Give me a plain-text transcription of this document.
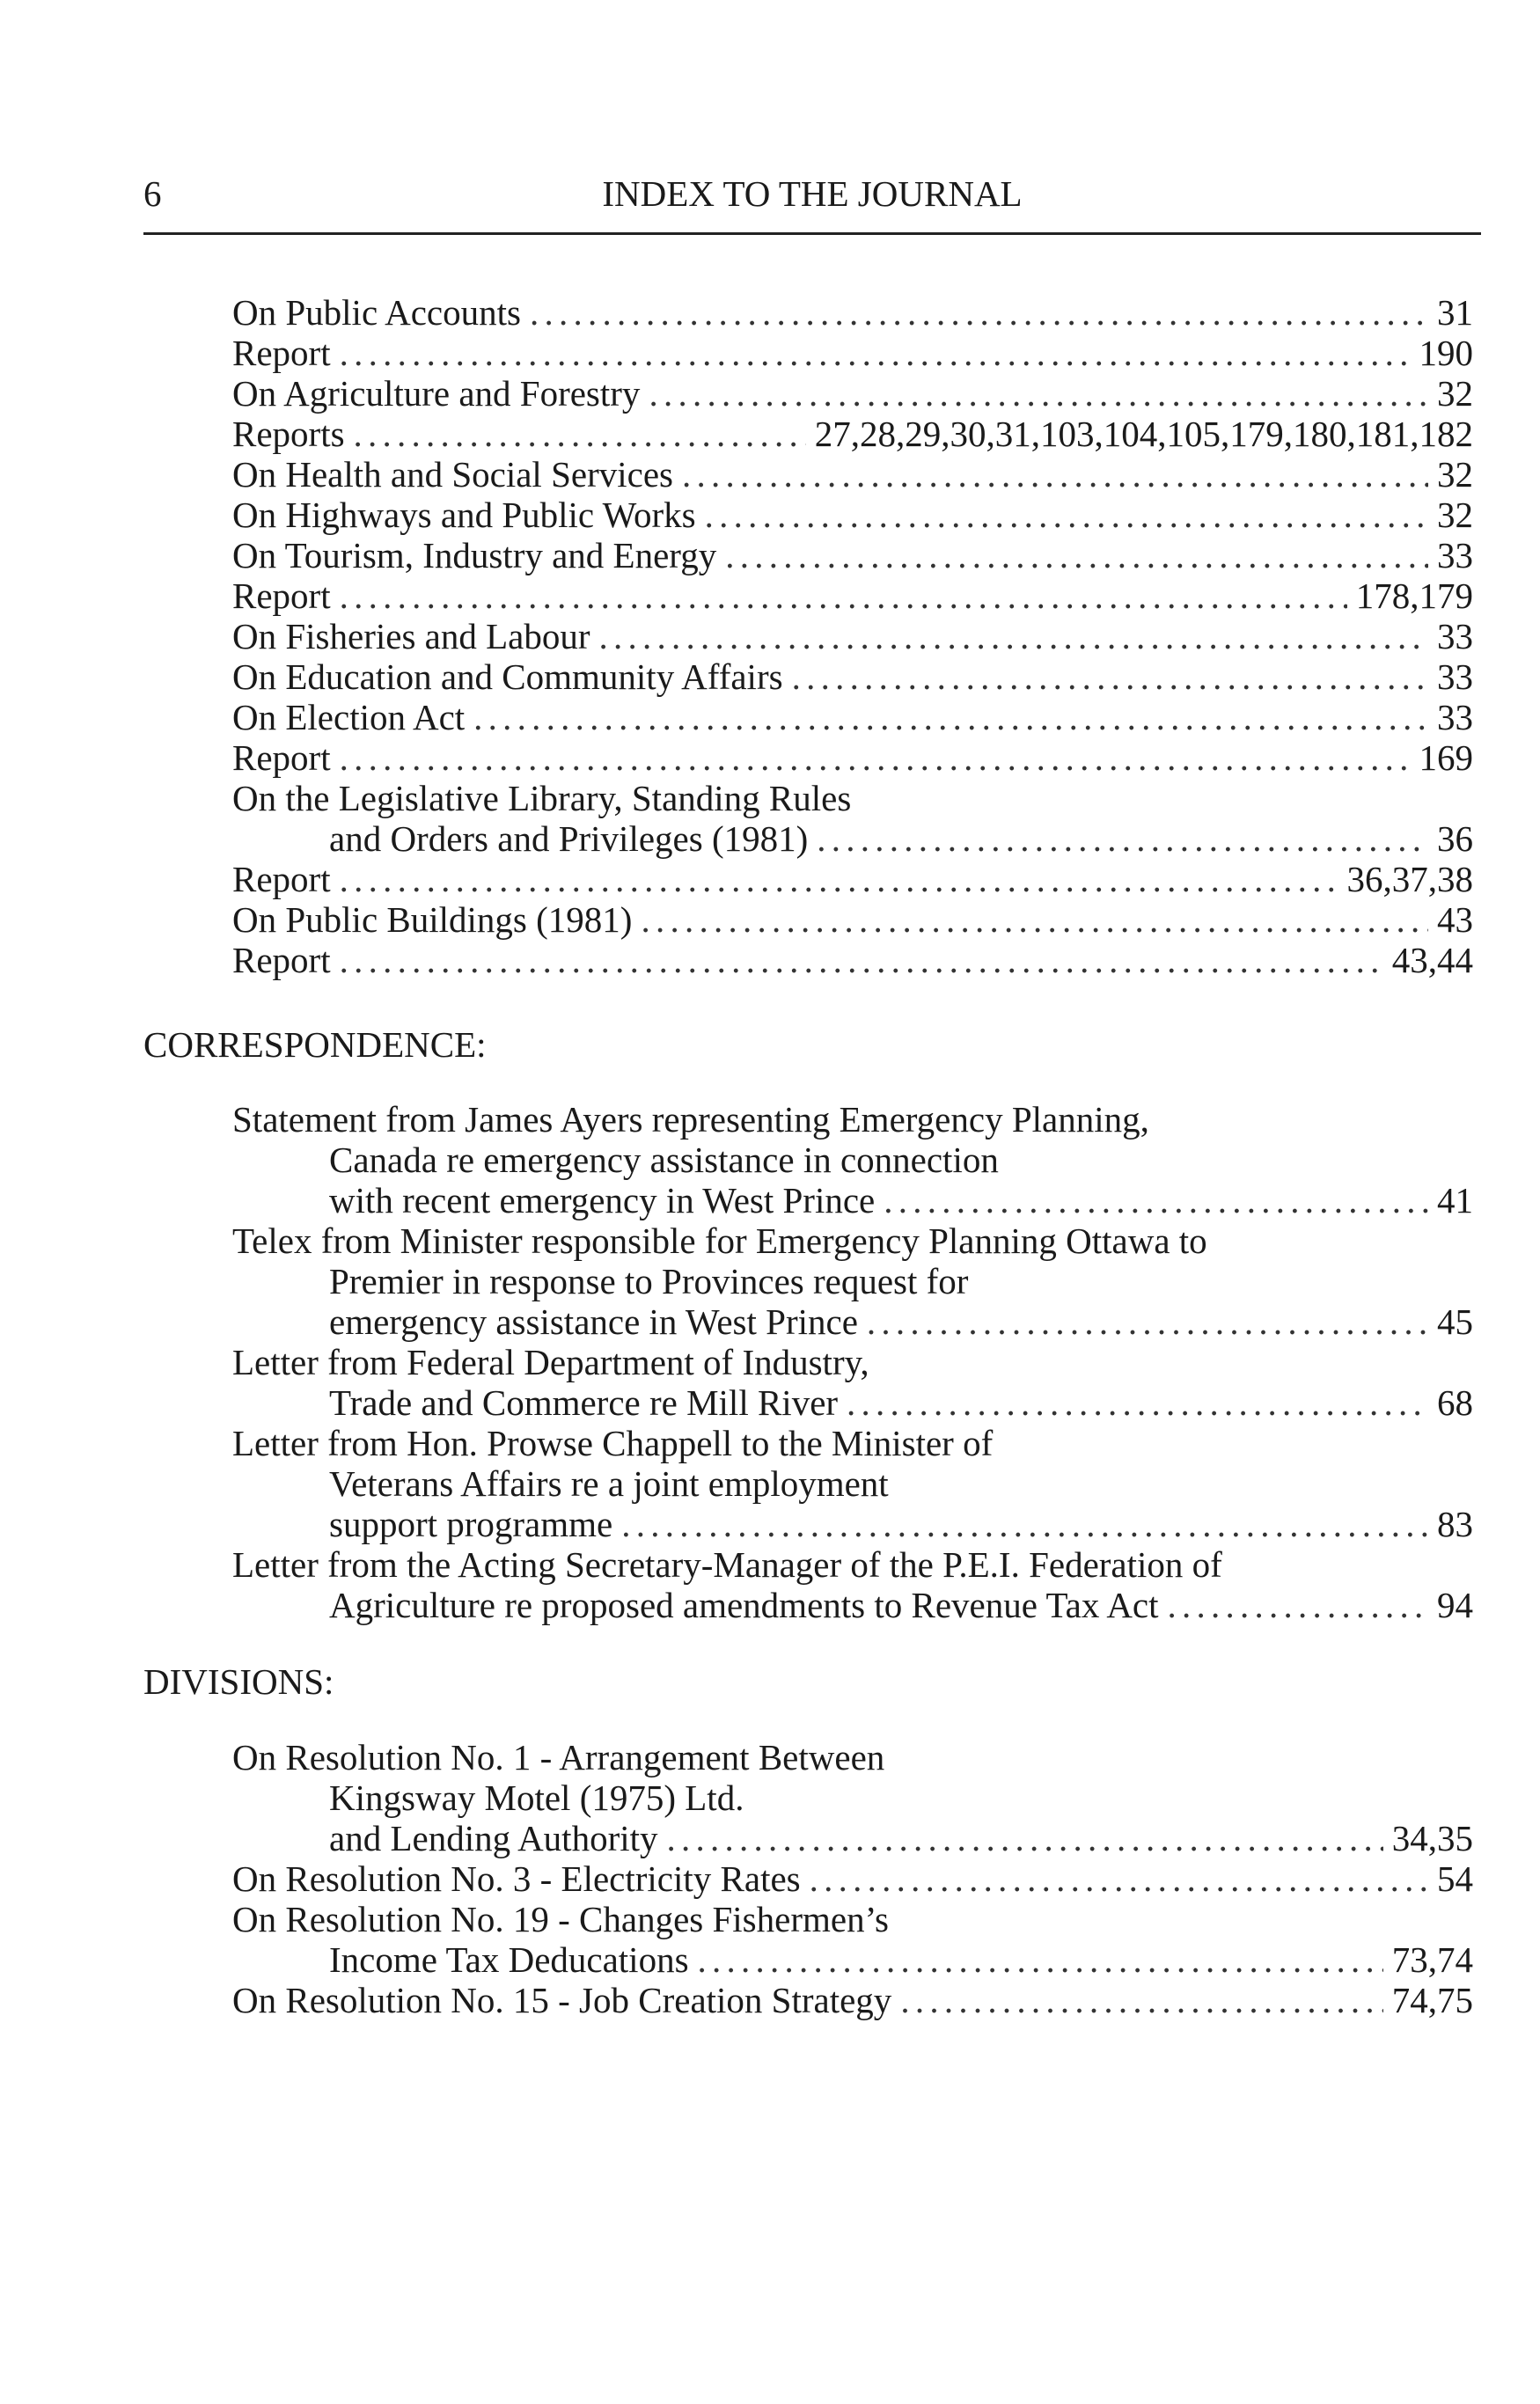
6	INDEX TO THE JOURNAL
On Public Accounts . . .	31
Report . . .	190
On Agriculture and Forestry . . .	32
Reports . . .	27,28,29,30,31,103,104,105,179,180,181,182
On Health and Social Services . . .	32
On Highways and Public Works . . .	32
On Tourism, Industry and Energy . . .	33
Report . . .	178,179
On Fisheries and Labour . . .	33
On Education and Community Affairs . . .	33
On Election Act . . .	33
Report . . .	169
On the Legislative Library, Standing Rules
and Orders and Privileges (1981) . . .	36
Report . . .	36,37,38
On Public Buildings (1981) . . .	43
Report . . .	43,44
CORRESPONDENCE:
Statement from James Ayers representing Emergency Planning,
Canada re emergency assistance in connection
with recent emergency in West Prince . . .	41
Telex from Minister responsible for Emergency Planning Ottawa to
Premier in response to Provinces request for
emergency assistance in West Prince . . .	45
Letter from Federal Department of Industry,
Trade and Commerce re Mill River . . .	68
Letter from Hon. Prowse Chappell to the Minister of
Veterans Affairs re a joint employment
support programme . . .	83
Letter from the Acting Secretary-Manager of the P.E.I. Federation of
Agriculture re proposed amendments to Revenue Tax Act . . .	94
DIVISIONS:
On Resolution No. 1 - Arrangement Between
Kingsway Motel (1975) Ltd.
and Lending Authority . . .	34,35
On Resolution No. 3 - Electricity Rates . . .	54
On Resolution No. 19 - Changes Fishermen’s
Income Tax Deducations . . .	73,74
On Resolution No. 15 - Job Creation Strategy . . .	74,75
